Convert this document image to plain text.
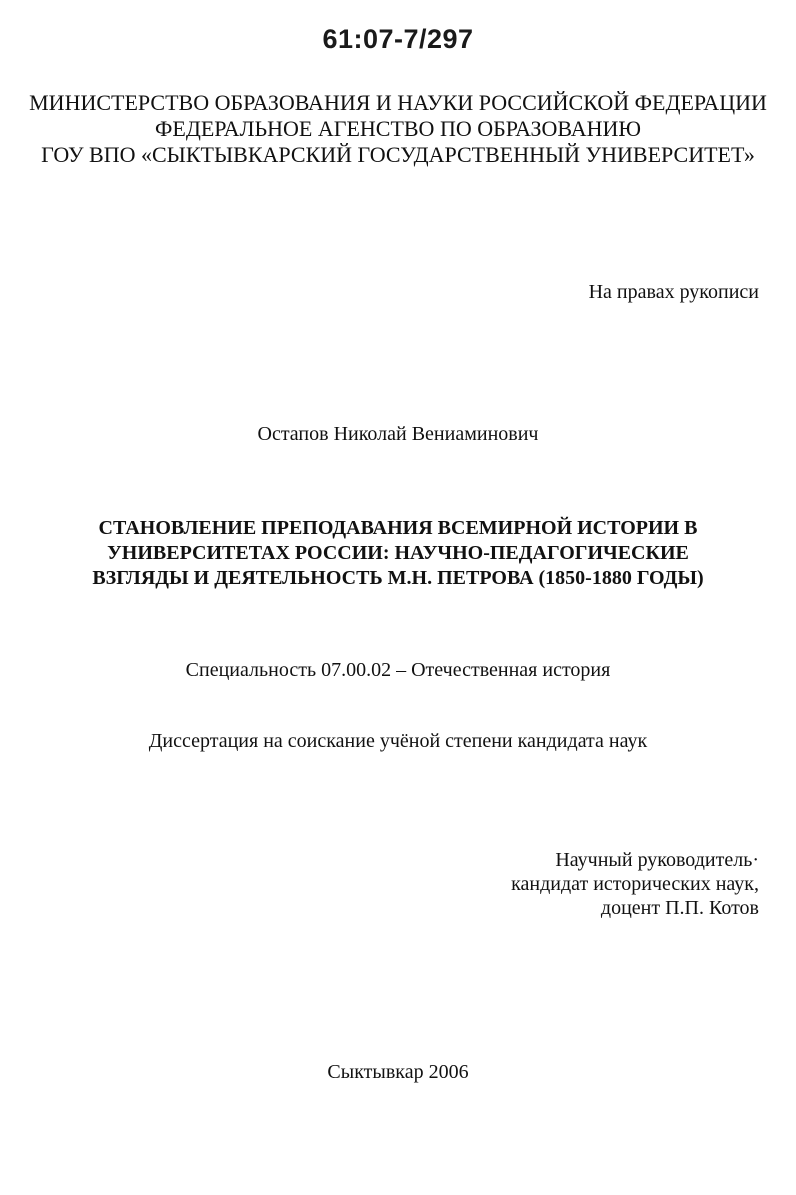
61:07-7/297
МИНИСТЕРСТВО ОБРАЗОВАНИЯ И НАУКИ РОССИЙСКОЙ ФЕДЕРАЦИИ
ФЕДЕРАЛЬНОЕ АГЕНСТВО ПО ОБРАЗОВАНИЮ
ГОУ ВПО «СЫКТЫВКАРСКИЙ ГОСУДАРСТВЕННЫЙ УНИВЕРСИТЕТ»
На правах рукописи
Остапов Николай Вениаминович
СТАНОВЛЕНИЕ ПРЕПОДАВАНИЯ ВСЕМИРНОЙ ИСТОРИИ В
УНИВЕРСИТЕТАХ РОССИИ: НАУЧНО-ПЕДАГОГИЧЕСКИЕ
ВЗГЛЯДЫ И ДЕЯТЕЛЬНОСТЬ М.Н. ПЕТРОВА (1850-1880 ГОДЫ)
Специальность 07.00.02 – Отечественная история
Диссертация на соискание учёной степени кандидата наук
Научный руководитель·
кандидат исторических наук,
доцент П.П. Котов
Сыктывкар 2006
